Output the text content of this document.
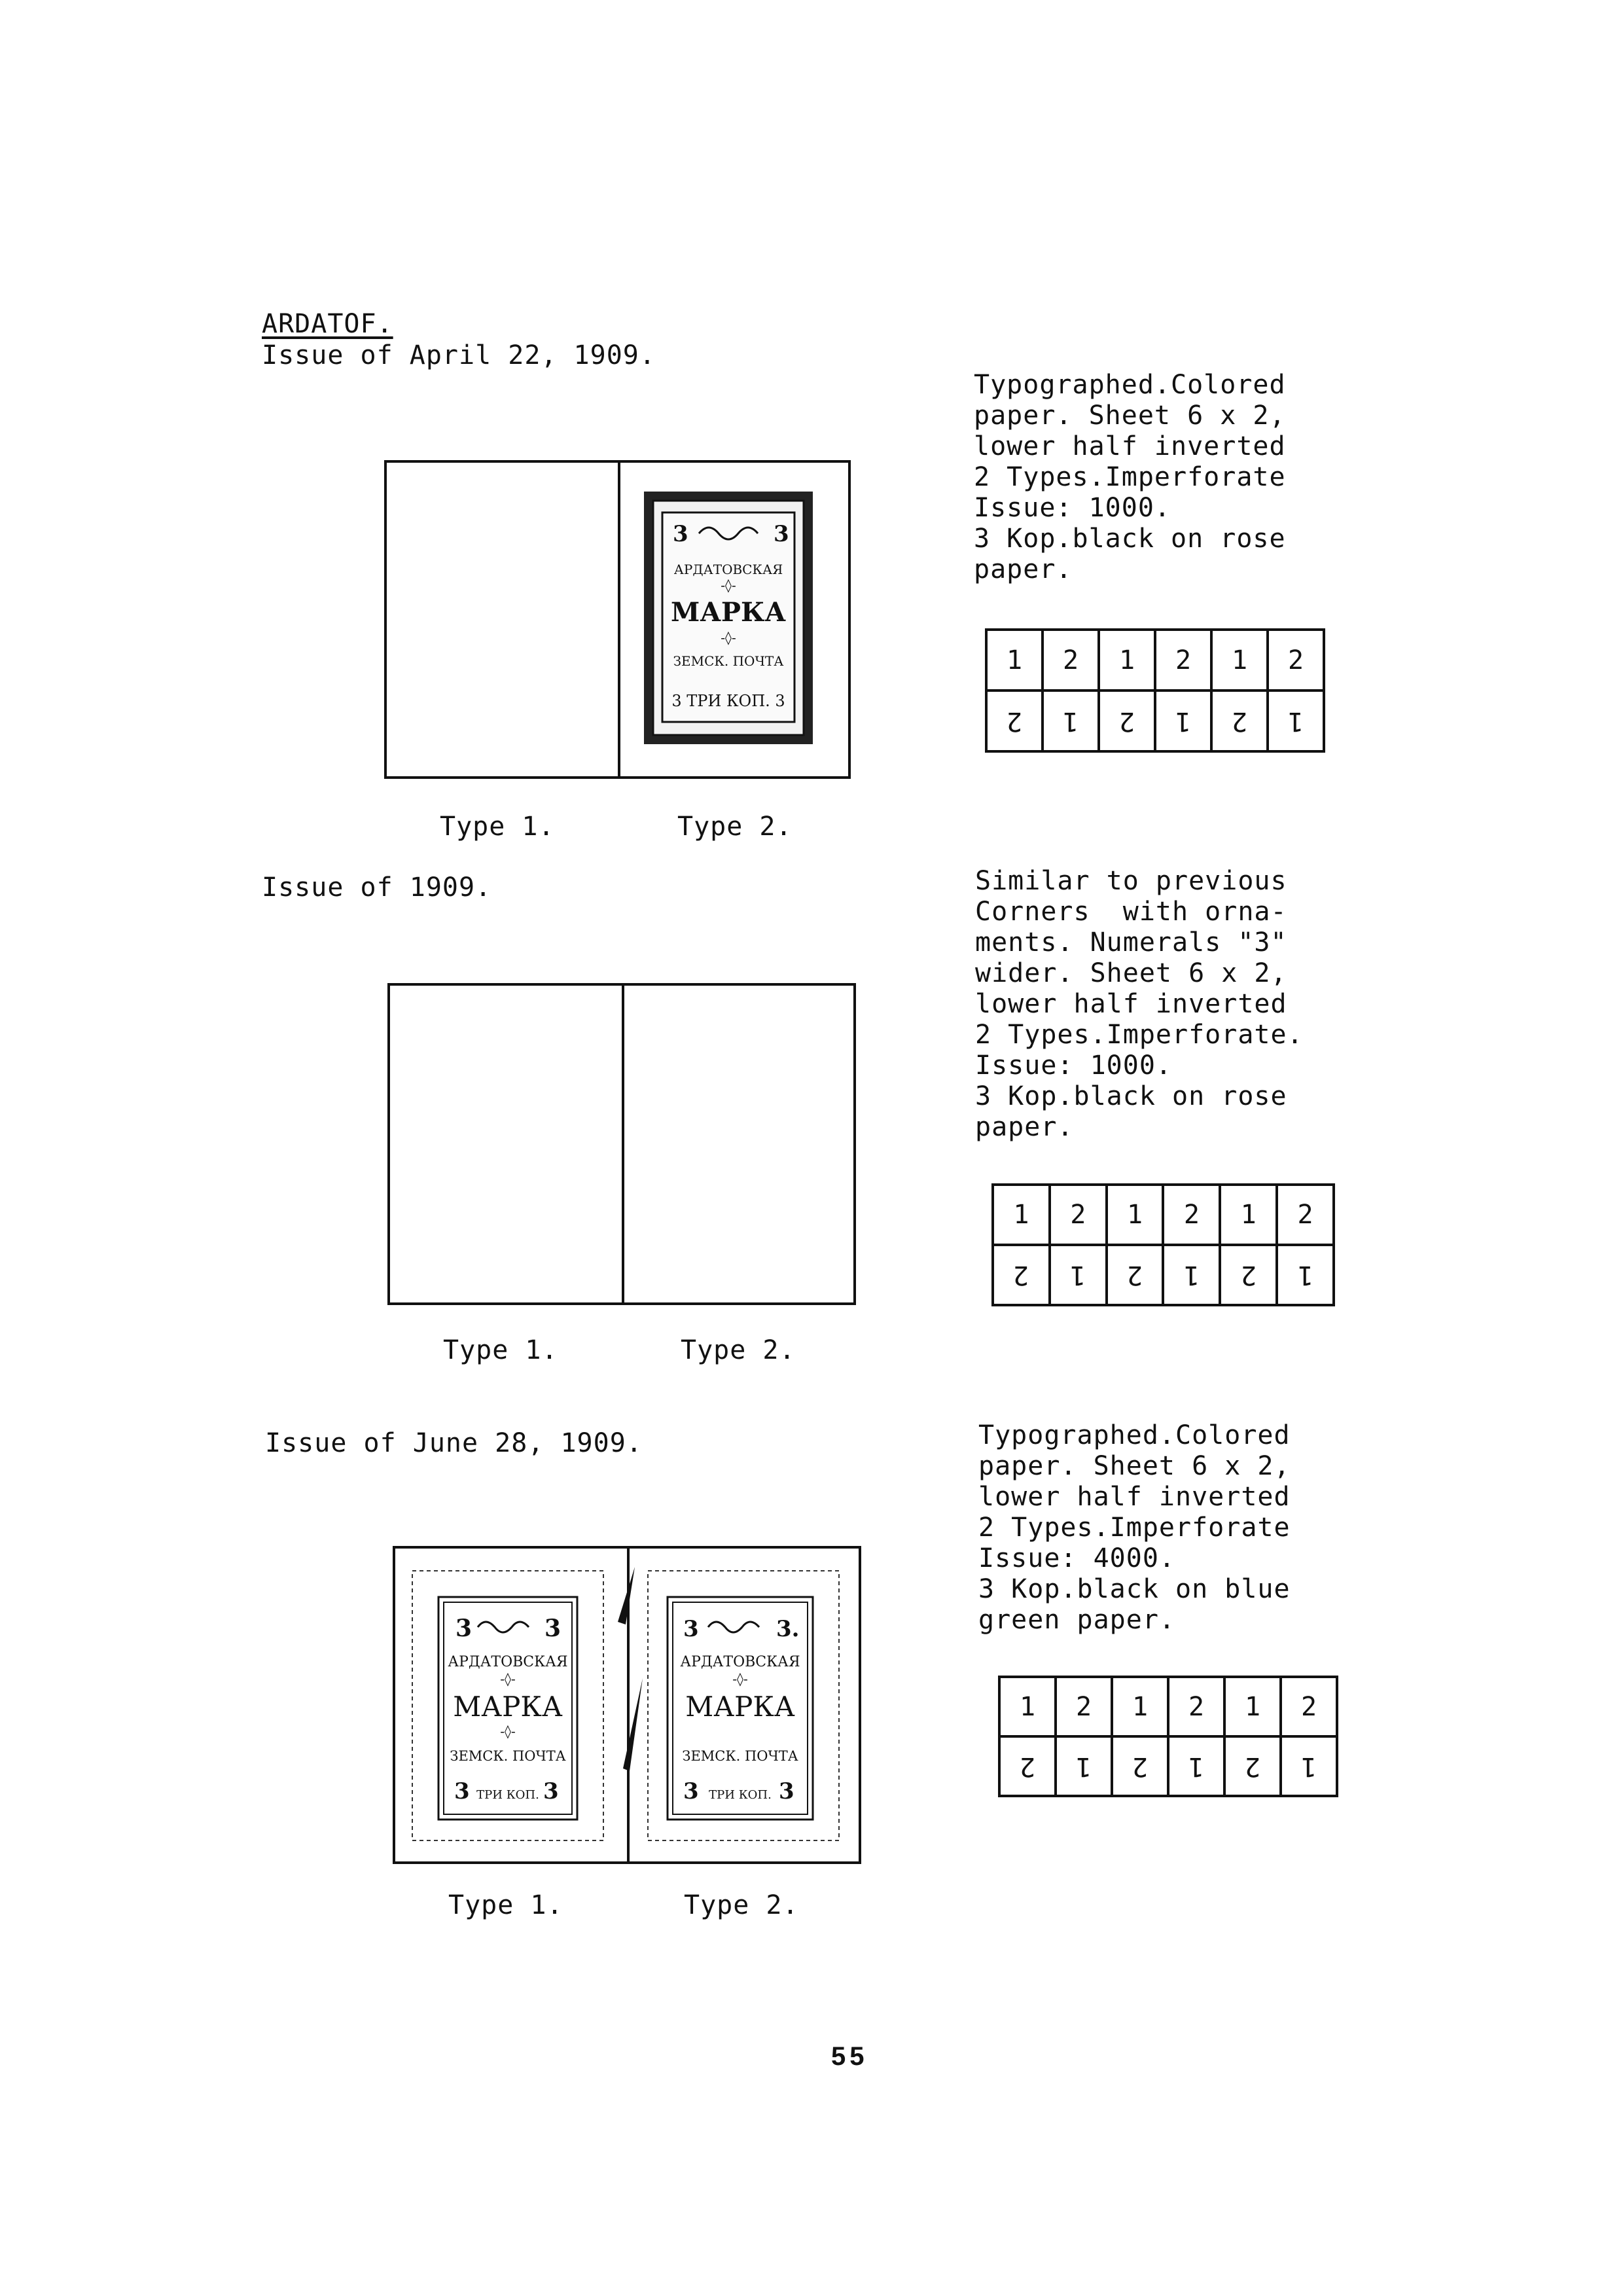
ARDATOF.
Issue of April 22, 1909.
Typographed.Colored
paper. Sheet 6 x 2,
lower half inverted
2 Types.Imperforate
Issue: 1000.
3 Kop.black on rose
paper.
3	3
АРДАТОВСКАЯ
-◊-
МАРКА
-◊-
ЗЕМСК. ПОЧТА
3 ТРИ КОП. 3
1	2	1	2	1	2
2	1	2	1	2	1
Type 1.	Type 2.
Issue of 1909.	Similar to previous
Corners  with orna-
ments. Numerals "3"
wider. Sheet 6 x 2,
lower half inverted
2 Types.Imperforate.
Issue: 1000.
3 Kop.black on rose
paper.
1	2	1	2	1	2
2	1	2	1	2	1
Type 1.	Type 2.
Issue of June 28, 1909.	Typographed.Colored
paper. Sheet 6 x 2,
lower half inverted
2 Types.Imperforate
Issue: 4000.
3 Kop.black on blue
green paper.
3	3
АРДАТОВСКАЯ
-◊-
МАРКА
-◊-
ЗЕМСК. ПОЧТА
3 ТРИ КОП. 3
3	3.
АРДАТОВСКАЯ
-◊-
МАРКА
ЗЕМСК. ПОЧТА
3 ТРИ КОП. 3
1	2	1	2	1	2
2	1	2	1	2	1
Type 1.	Type 2.
55
